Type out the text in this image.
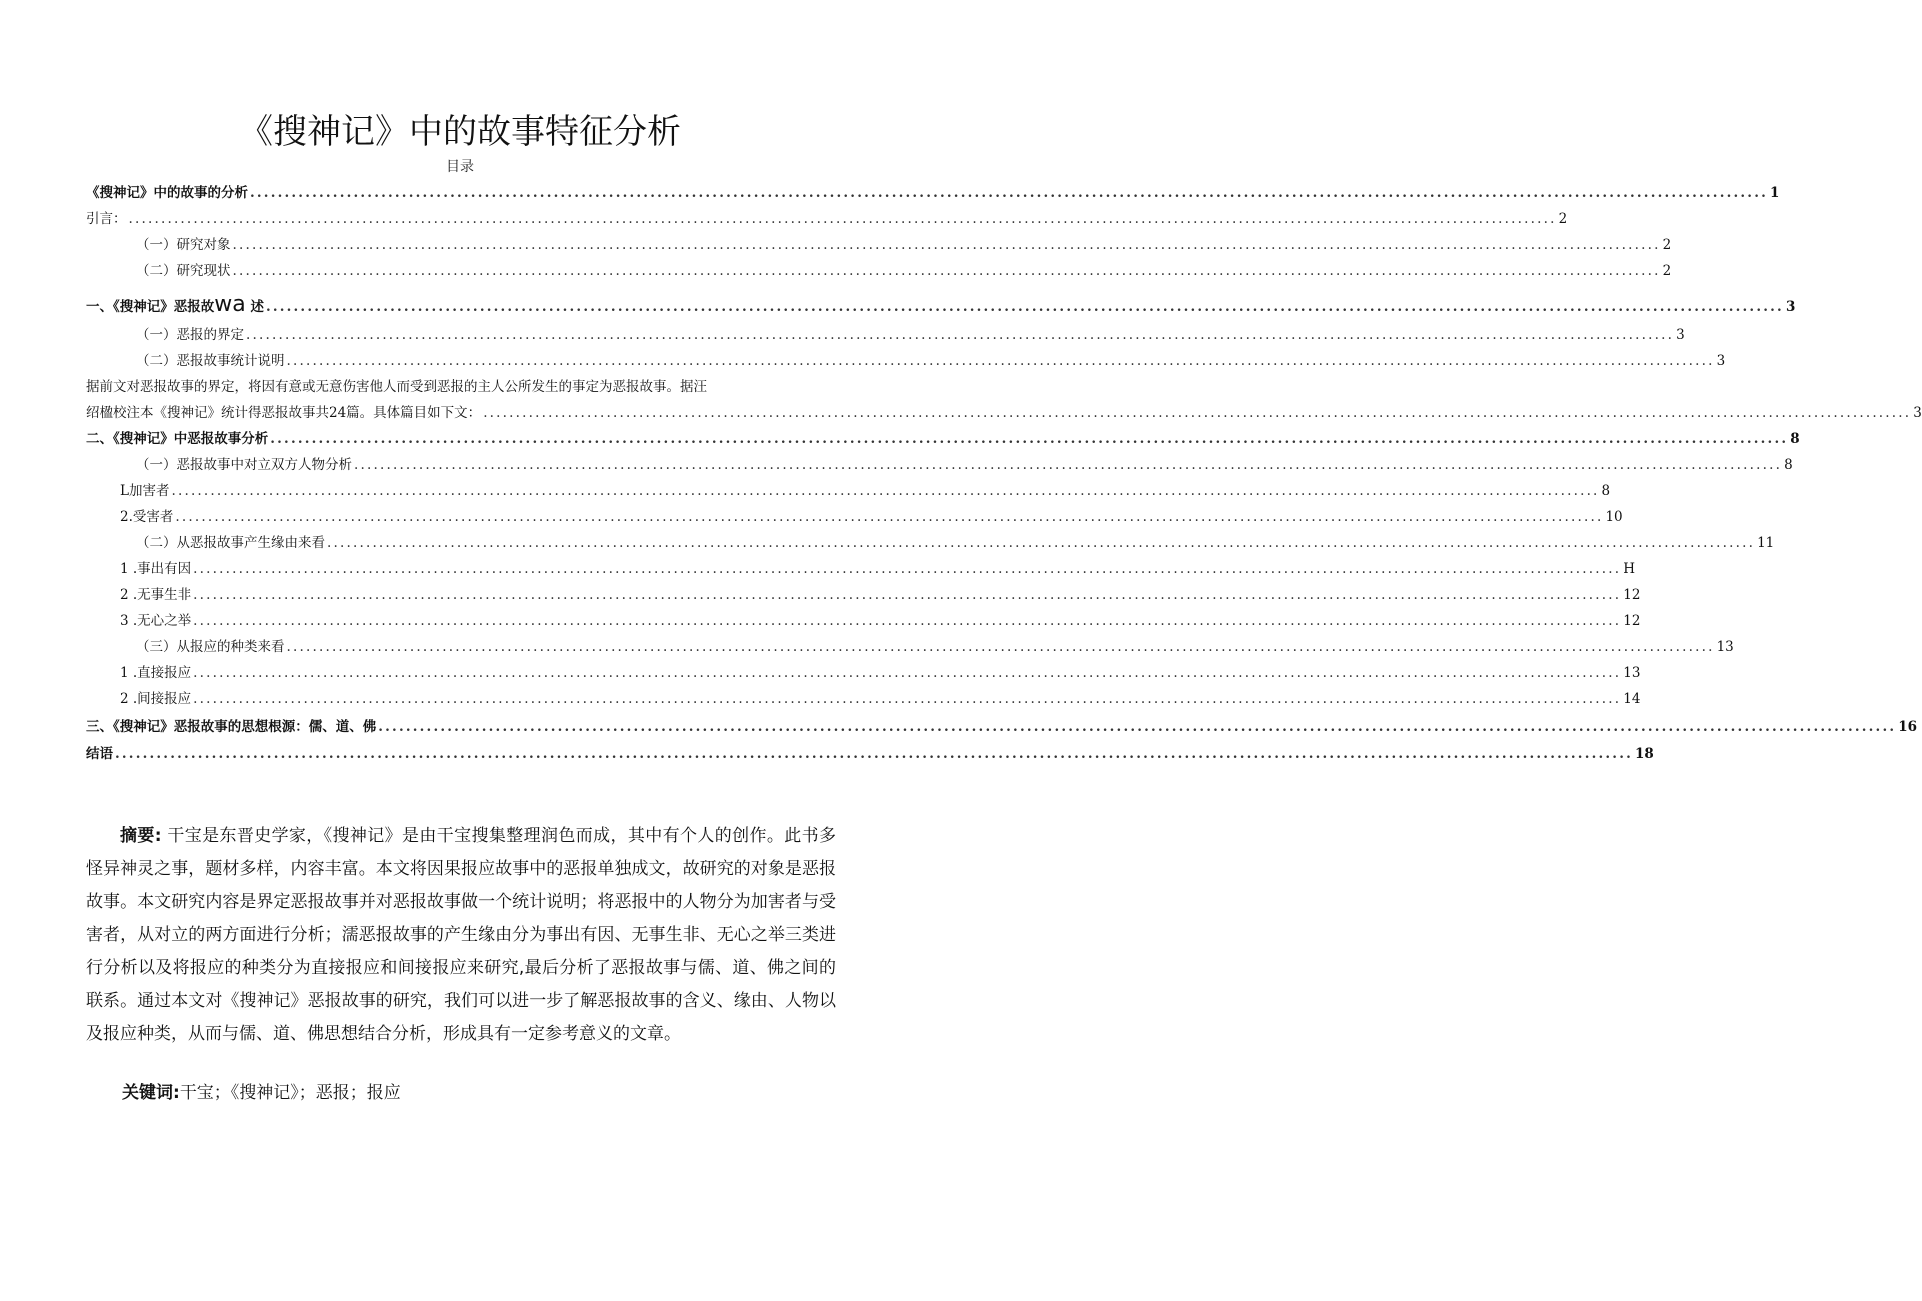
《搜神记》中的故事特征分析
目录
《搜神记》中的故事的分析 ............................................................................................................................................................................................................................ 1
引言： ............................................................................................................................................................................................................................ 2
（一）研究对象 ............................................................................................................................................................................................................................ 2
（二）研究现状 ............................................................................................................................................................................................................................ 2
一、《搜神记》恶报故wa 述 ............................................................................................................................................................................................................................ 3
（一）恶报的界定 ............................................................................................................................................................................................................................ 3
（二）恶报故事统计说明 ............................................................................................................................................................................................................................ 3
据前文对恶报故事的界定，将因有意或无意伤害他人而受到恶报的主人公所发生的事定为恶报故事。据汪
绍楹校注本《搜神记》统计得恶报故事共24篇。具体篇目如下文： ............................................................................................................................................................................................................................ 3
二、《搜神记》中恶报故事分析 ............................................................................................................................................................................................................................ 8
（一）恶报故事中对立双方人物分析 ............................................................................................................................................................................................................................ 8
L加害者 ............................................................................................................................................................................................................................ 8
2.受害者 ............................................................................................................................................................................................................................ 10
（二）从恶报故事产生缘由来看 ............................................................................................................................................................................................................................ 11
1 .事出有因 ............................................................................................................................................................................................................................ H
2 .无事生非 ............................................................................................................................................................................................................................ 12
3 .无心之举 ............................................................................................................................................................................................................................ 12
（三）从报应的种类来看 ............................................................................................................................................................................................................................ 13
1 .直接报应 ............................................................................................................................................................................................................................ 13
2 .间接报应 ............................................................................................................................................................................................................................ 14
三、《搜神记》恶报故事的思想根源：儒、道、佛 ............................................................................................................................................................................................................................ 16
结语 ............................................................................................................................................................................................................................ 18
摘要: 干宝是东晋史学家，《搜神记》是由干宝搜集整理润色而成，其中有个人的创作。此书多怪异神灵之事，题材多样，内容丰富。本文将因果报应故事中的恶报单独成文，故研究的对象是恶报故事。本文研究内容是界定恶报故事并对恶报故事做一个统计说明；将恶报中的人物分为加害者与受害者，从对立的两方面进行分析；濡恶报故事的产生缘由分为事出有因、无事生非、无心之举三类进行分析以及将报应的种类分为直接报应和间接报应来研究,最后分析了恶报故事与儒、道、佛之间的联系。通过本文对《搜神记》恶报故事的研究，我们可以进一步了解恶报故事的含义、缘由、人物以及报应种类，从而与儒、道、佛思想结合分析，形成具有一定参考意义的文章。
关键词:干宝；《搜神记》；恶报；报应
